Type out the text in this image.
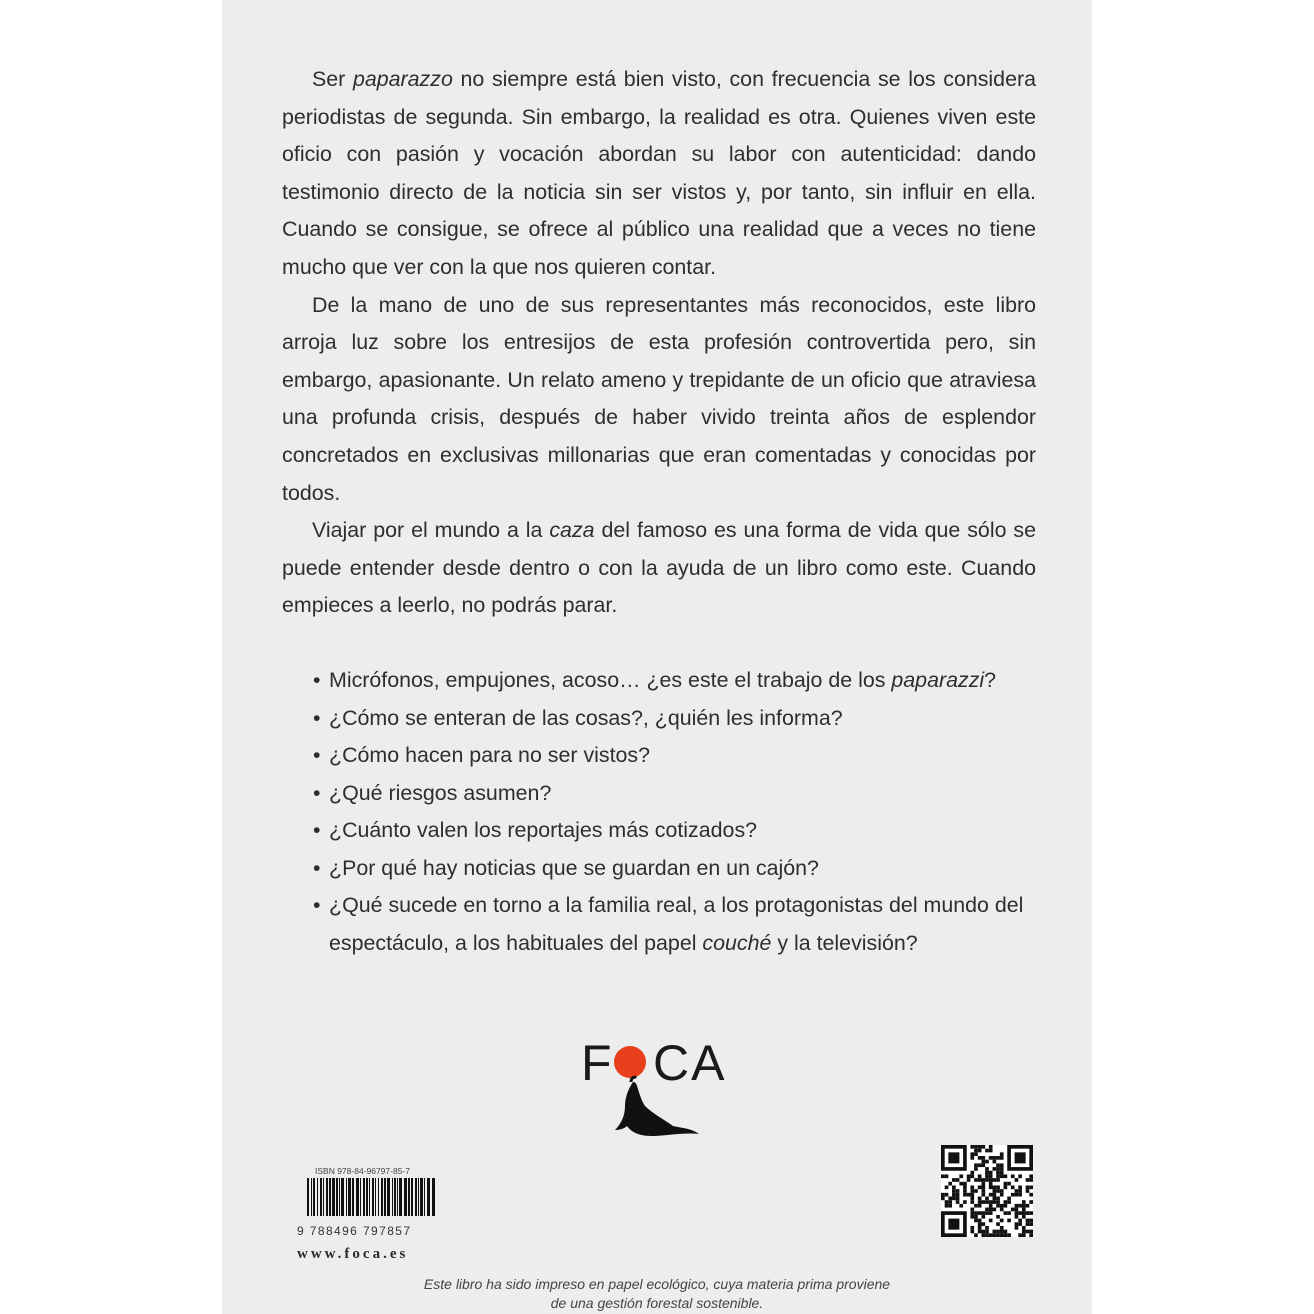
Ser paparazzo no siempre está bien visto, con frecuencia se los considera periodistas de segunda. Sin embargo, la realidad es otra. Quienes viven este oficio con pasión y vocación abordan su labor con autenticidad: dando testimonio directo de la noticia sin ser vistos y, por tanto, sin influir en ella. Cuando se consigue, se ofrece al público una realidad que a veces no tiene mucho que ver con la que nos quieren contar.

De la mano de uno de sus representantes más reconocidos, este libro arroja luz sobre los entresijos de esta profesión controvertida pero, sin embargo, apasionante. Un relato ameno y trepidante de un oficio que atraviesa una profunda crisis, después de haber vivido treinta años de esplendor concretados en exclusivas millonarias que eran comentadas y conocidas por todos.

Viajar por el mundo a la caza del famoso es una forma de vida que sólo se puede entender desde dentro o con la ayuda de un libro como este. Cuando empieces a leerlo, no podrás parar.

• Micrófonos, empujones, acoso… ¿es este el trabajo de los paparazzi?
• ¿Cómo se enteran de las cosas?, ¿quién les informa?
• ¿Cómo hacen para no ser vistos?
• ¿Qué riesgos asumen?
• ¿Cuánto valen los reportajes más cotizados?
• ¿Por qué hay noticias que se guardan en un cajón?
• ¿Qué sucede en torno a la familia real, a los protagonistas del mundo del espectáculo, a los habituales del papel couché y la televisión?
F CA
ISBN 978-84-96797-85-7
9 788496 797857
www.foca.es
Este libro ha sido impreso en papel ecológico, cuya materia prima proviene
de una gestión forestal sostenible.
